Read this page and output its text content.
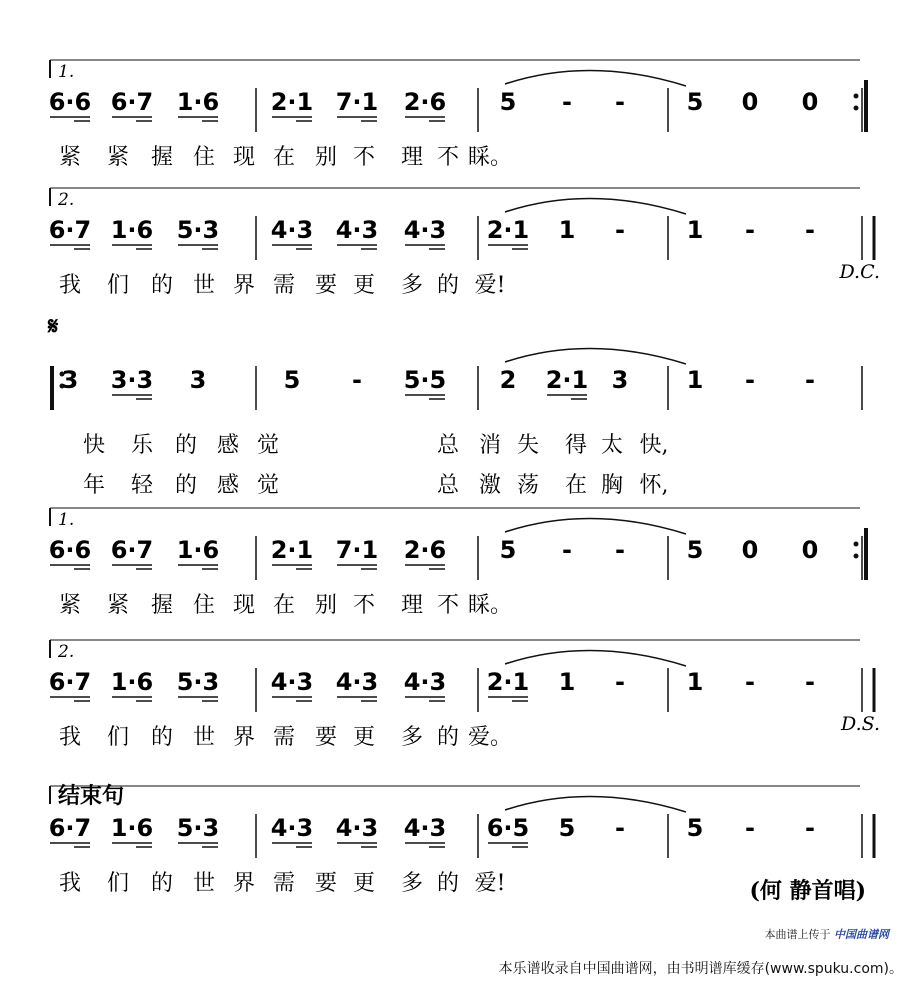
1.
6·6 6·7 1·6 2·1 7·1 2·6 5 - -	5 0 0
紧 紧 握 住 现 在 别 不 理 不 睬。
2.
D.C.
6·7 1·6 5·3 4·3 4·3 4·3 2·1 1 -	1 - -
我 们 的 世 界 需 要 更 多 的 爱!
𝄋
3 3·3 3	5 - 5·5 2 2·1 3 1 - -
快 乐 的 感 觉	总 消 失 得 太 快,
年 轻 的 感 觉	总 激 荡 在 胸 怀,
1.
6·6 6·7 1·6 2·1 7·1 2·6 5 - -	5 0 0
紧 紧 握 住 现 在 别 不 理 不 睬。
2.
D.S.
6·7 1·6 5·3 4·3 4·3 4·3 2·1 1 -	1 - -
我 们 的 世 界 需 要 更 多 的 爱。
结束句
6·7 1·6 5·3 4·3 4·3 4·3 6·5 5 -	5 - -
我 们 的 世 界 需 要 更 多 的 爱!	(何 静首唱)
本曲谱上传于 中国曲谱网
本乐谱收录自中国曲谱网，由书明谱库缓存(www.spuku.com)。
